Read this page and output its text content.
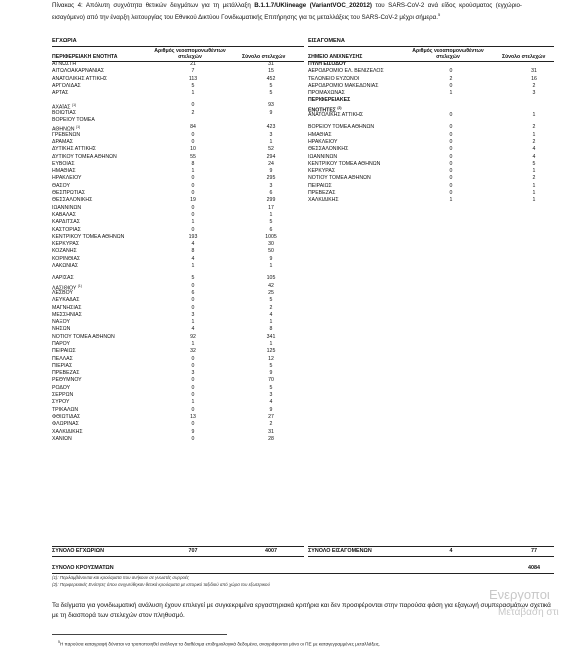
Πίνακας 4: Απόλυτη συχνότητα θετικών δειγμάτων για τη μετάλλαξη B.1.1.7/UKlineage (VariantVOC_202012) του SARS-CoV-2 ανά είδος κρούσματος (εγχώριο-εισαγόμενο) από την έναρξη λειτουργίας του Εθνικού Δικτύου Γονιδιωματικής Επιτήρησης για τις μεταλλάξεις του SARS-CoV-2 μέχρι σήμερα.$^5$
ΕΓΧΩΡΙΑ
Αριθμός νεοαπομονωθέντων
στελεχών
ΠΕΡΙΦΕΡΕΙΑΚΗ ΕΝΟΤΗΤΑ	Σύνολο στελεχών
ΑΓΝΩΣΤΗ	21	31
ΑΙΤΩΛΟΑΚΑΡΝΑΝΙΑΣ	7	15
ΑΝΑΤΟΛΙΚΗΣ ΑΤΤΙΚΗΣ	113	452
ΑΡΓΟΛΙΔΑΣ	5	5
ΑΡΤΑΣ	1	5
ΑΧΑΪΑΣ $^{(1)}$	0	93
ΒΟΙΩΤΙΑΣ	2	9
ΒΟΡΕΙΟΥ ΤΟΜΕΑ
ΑΘΗΝΩΝ $^{(1)}$	84	423
ΓΡΕΒΕΝΩΝ	0	3
ΔΡΑΜΑΣ	0	1
ΔΥΤΙΚΗΣ ΑΤΤΙΚΗΣ	10	52
ΔΥΤΙΚΟΥ ΤΟΜΕΑ ΑΘΗΝΩΝ	55	294
ΕΥΒΟΙΑΣ	8	24
ΗΜΑΘΙΑΣ	1	9
ΗΡΑΚΛΕΙΟΥ	0	295
ΘΑΣΟΥ	0	3
ΘΕΣΠΡΩΤΙΑΣ	0	6
ΘΕΣΣΑΛΟΝΙΚΗΣ	19	299
ΙΩΑΝΝΙΝΩΝ	0	17
ΚΑΒΑΛΑΣ	0	1
ΚΑΡΔΙΤΣΑΣ	1	5
ΚΑΣΤΟΡΙΑΣ	0	6
ΚΕΝΤΡΙΚΟΥ ΤΟΜΕΑ ΑΘΗΝΩΝ	193	1005
ΚΕΡΚΥΡΑΣ	4	30
ΚΟΖΑΝΗΣ	8	50
ΚΟΡΙΝΘΙΑΣ	4	9
ΛΑΚΩΝΙΑΣ	1	1
ΛΑΡΙΣΑΣ	5	105
ΛΑΣΙΘΙΟΥ $^{(1)}$	0	42
ΛΕΣΒΟΥ	6	25
ΛΕΥΚΑΔΑΣ	0	5
ΜΑΓΝΗΣΙΑΣ	0	2
ΜΕΣΣΗΝΙΑΣ	3	4
ΝΑΞΟΥ	1	1
ΝΗΣΩΝ	4	8
ΝΟΤΙΟΥ ΤΟΜΕΑ ΑΘΗΝΩΝ	92	341
ΠΑΡΟΥ	1	1
ΠΕΙΡΑΙΩΣ	32	125
ΠΕΛΛΑΣ	0	12
ΠΙΕΡΙΑΣ	0	5
ΠΡΕΒΕΖΑΣ	3	9
ΡΕΘΥΜΝΟΥ	0	70
ΡΟΔΟΥ	0	5
ΣΕΡΡΩΝ	0	3
ΣΥΡΟΥ	1	4
ΤΡΙΚΑΛΩΝ	0	9
ΦΘΙΩΤΙΔΑΣ	13	27
ΦΛΩΡΙΝΑΣ	0	2
ΧΑΛΚΙΔΙΚΗΣ	9	31
ΧΑΝΙΩΝ	0	28
ΣΥΝΟΛΟ ΕΓΧΩΡΙΩΝ	707	4007
ΕΙΣΑΓΟΜΕΝΑ
Αριθμός νεοαπομονωθέντων
στελεχών
ΣΗΜΕΙΟ ΑΝΙΧΝΕΥΣΗΣ	Σύνολο στελεχών
ΠΥΛΗ ΕΙΣΟΔΟΥ
ΑΕΡΟΔΡΟΜΙΟ ΕΛ. ΒΕΝΙΖΕΛΟΣ	0	31
ΤΕΛΩΝΕΙΟ ΕΥΖΩΝΟΙ	2	16
ΑΕΡΟΔΡΟΜΙΟ ΜΑΚΕΔΟΝΙΑΣ	0	2
ΠΡΟΜΑΧΩΝΑΣ	1	3
ΠΕΡΙΦΕΡΕΙΑΚΕΣ
ΕΝΟΤΗΤΕΣ $^{(2)}$
ΑΝΑΤΟΛΙΚΗΣ ΑΤΤΙΚΗΣ	0	1
ΒΟΡΕΙΟΥ ΤΟΜΕΑ ΑΘΗΝΩΝ	0	2
ΗΜΑΘΙΑΣ	0	1
ΗΡΑΚΛΕΙΟΥ	0	2
ΘΕΣΣΑΛΟΝΙΚΗΣ	0	4
ΙΩΑΝΝΙΝΩΝ	0	4
ΚΕΝΤΡΙΚΟΥ ΤΟΜΕΑ ΑΘΗΝΩΝ	0	5
ΚΕΡΚΥΡΑΣ	0	1
ΝΟΤΙΟΥ ΤΟΜΕΑ ΑΘΗΝΩΝ	0	2
ΠΕΙΡΑΙΩΣ	0	1
ΠΡΕΒΕΖΑΣ	0	1
ΧΑΛΚΙΔΙΚΗΣ	1	1
ΣΥΝΟΛΟ ΕΙΣΑΓΟΜΕΝΩΝ	4	77
ΣΥΝΟΛΟ ΚΡΟΥΣΜΑΤΩΝ	4084
(1): Περιλαμβάνονται και κρούσματα που ανήκουν σε γνωστές συρροές
(2): Περιφερειακές Ενότητες όπου ανιχνεύθηκαν θετικά κρούσματα με ιστορικό ταξιδιού από χώρα του εξωτερικού
Τα δείγματα για γονιδιωματική ανάλυση έχουν επιλεγεί με συγκεκριμένα εργαστηριακά κριτήρια και δεν προσφέρονται στην παρούσα φάση για εξαγωγή συμπερασμάτων σχετικά με τη διασπορά των στελεχών στον πληθυσμό.
$^5$Η παρούσα καταγραφή δύναται να τροποποιηθεί ανάλογα τα διαθέσιμα επιδημιολογικά δεδομένα, αναγράφονται μόνο οι ΠΕ με καταγεγραμμένες μεταλλάξεις.
Ενεργοποι
Μετάβαση στι
